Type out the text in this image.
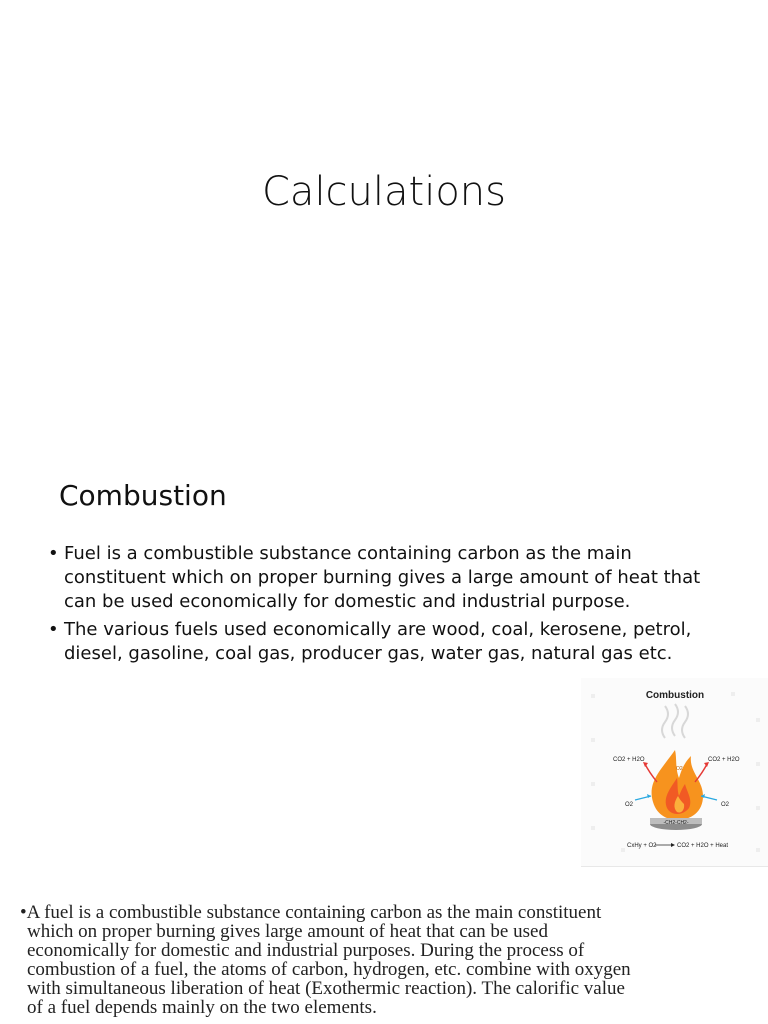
Calculations
Combustion
• Fuel is a combustible substance containing carbon as the main constituent which on proper burning gives a large amount of heat that can be used economically for domestic and industrial purpose.
• The various fuels used economically are wood, coal, kerosene, petrol, diesel, gasoline, coal gas, producer gas, water gas, natural gas etc.
Combustion
O2
-CH2-CH2-
CO2 + H2O	CO2 + H2O
O2	O2
CxHy + O2	CO2 + H2O + Heat
•A fuel is a combustible substance containing carbon as the main constituent
which on proper burning gives large amount of heat that can be used
economically for domestic and industrial purposes. During the process of
combustion of a fuel, the atoms of carbon, hydrogen, etc. combine with oxygen
with simultaneous liberation of heat (Exothermic reaction). The calorific value
of a fuel depends mainly on the two elements.
